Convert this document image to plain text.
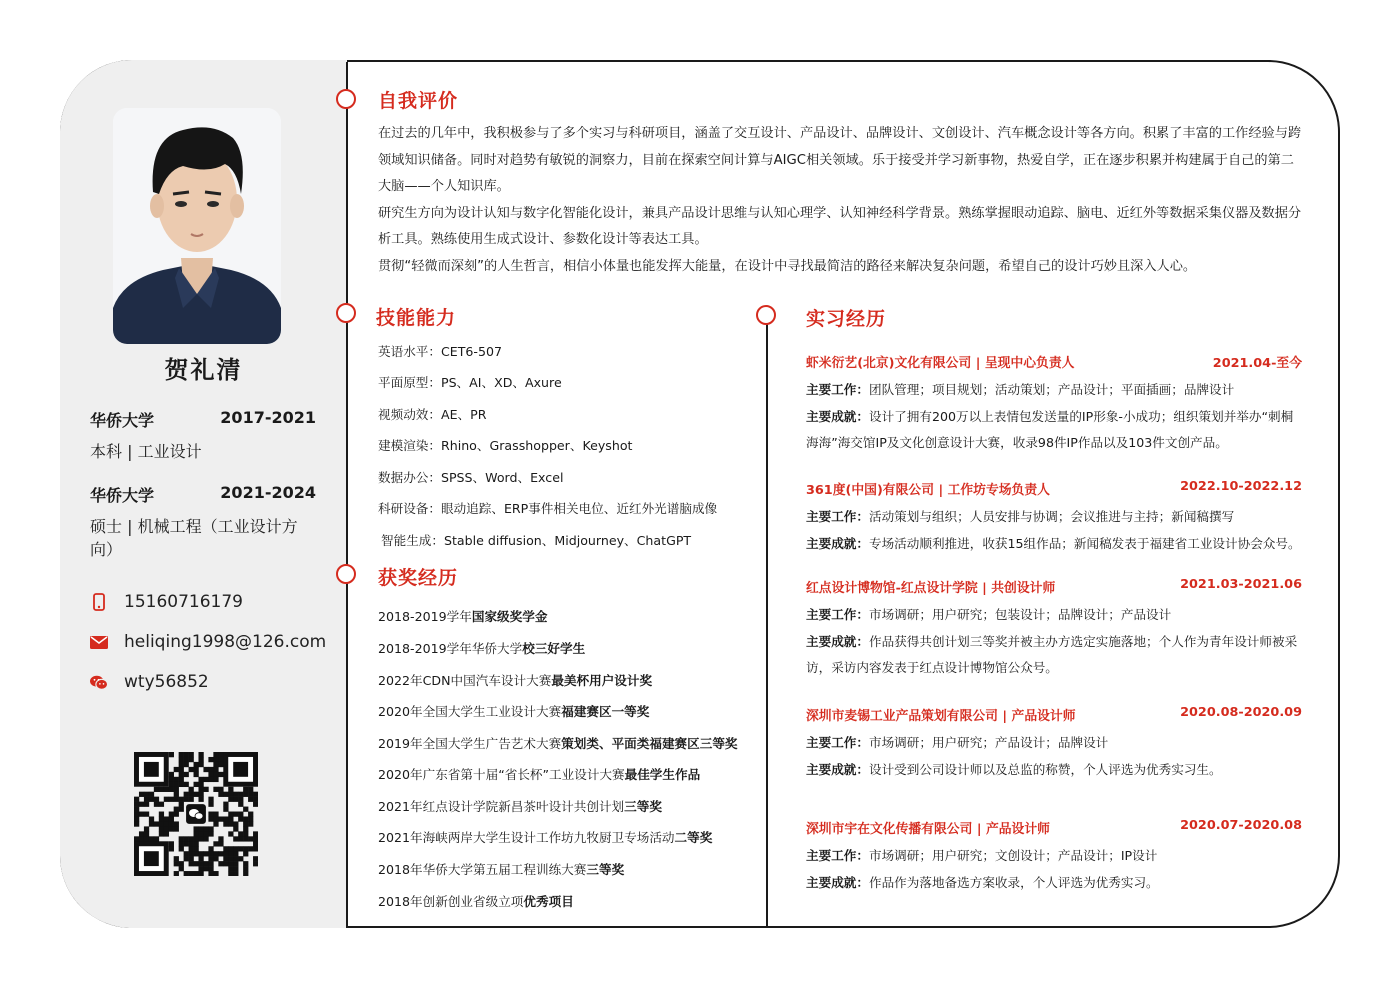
贺礼清
华侨大学	2017-2021
本科 | 工业设计
华侨大学	2021-2024
硕士 | 机械工程（工业设计方向）
15160716179
heliqing1998@126.com
wty56852
自我评价

在过去的几年中，我积极参与了多个实习与科研项目，涵盖了交互设计、产品设计、品牌设计、文创设计、汽车概念设计等各方向。积累了丰富的工作经验与跨领域知识储备。同时对趋势有敏锐的洞察力，目前在探索空间计算与AIGC相关领域。乐于接受并学习新事物，热爱自学，正在逐步积累并构建属于自己的第二大脑——个人知识库。

研究生方向为设计认知与数字化智能化设计，兼具产品设计思维与认知心理学、认知神经科学背景。熟练掌握眼动追踪、脑电、近红外等数据采集仪器及数据分析工具。熟练使用生成式设计、参数化设计等表达工具。

贯彻“轻微而深刻”的人生哲言，相信小体量也能发挥大能量，在设计中寻找最简洁的路径来解决复杂问题，希望自己的设计巧妙且深入人心。

技能能力
英语水平：CET6-507
平面原型：PS、AI、XD、Axure
视频动效：AE、PR
建模渲染：Rhino、Grasshopper、Keyshot
数据办公：SPSS、Word、Excel
科研设备：眼动追踪、ERP事件相关电位、近红外光谱脑成像
智能生成：Stable diffusion、Midjourney、ChatGPT
获奖经历
2018-2019学年国家级奖学金
2018-2019学年华侨大学校三好学生
2022年CDN中国汽车设计大赛最美杯用户设计奖
2020年全国大学生工业设计大赛福建赛区一等奖
2019年全国大学生广告艺术大赛策划类、平面类福建赛区三等奖
2020年广东省第十届“省长杯”工业设计大赛最佳学生作品
2021年红点设计学院新昌茶叶设计共创计划三等奖
2021年海峡两岸大学生设计工作坊九牧厨卫专场活动二等奖
2018年华侨大学第五届工程训练大赛三等奖
2018年创新创业省级立项优秀项目
实习经历
虾米衍艺(北京)文化有限公司 | 呈现中心负责人	2021.04-至今
主要工作：团队管理；项目规划；活动策划；产品设计；平面插画；品牌设计
主要成就：设计了拥有200万以上表情包发送量的IP形象-小成功；组织策划并举办“刺桐海海”海交馆IP及文化创意设计大赛，收录98件IP作品以及103件文创产品。
361度(中国)有限公司 | 工作坊专场负责人	2022.10-2022.12
主要工作：活动策划与组织；人员安排与协调；会议推进与主持；新闻稿撰写
主要成就：专场活动顺利推进，收获15组作品；新闻稿发表于福建省工业设计协会众号。
红点设计博物馆-红点设计学院 | 共创设计师	2021.03-2021.06
主要工作：市场调研；用户研究；包装设计；品牌设计；产品设计
主要成就：作品获得共创计划三等奖并被主办方选定实施落地；个人作为青年设计师被采访，采访内容发表于红点设计博物馆公众号。
深圳市麦锡工业产品策划有限公司 | 产品设计师	2020.08-2020.09
主要工作：市场调研；用户研究；产品设计；品牌设计
主要成就：设计受到公司设计师以及总监的称赞，个人评选为优秀实习生。
深圳市宇在文化传播有限公司 | 产品设计师	2020.07-2020.08
主要工作：市场调研；用户研究；文创设计；产品设计；IP设计
主要成就：作品作为落地备选方案收录，个人评选为优秀实习。
